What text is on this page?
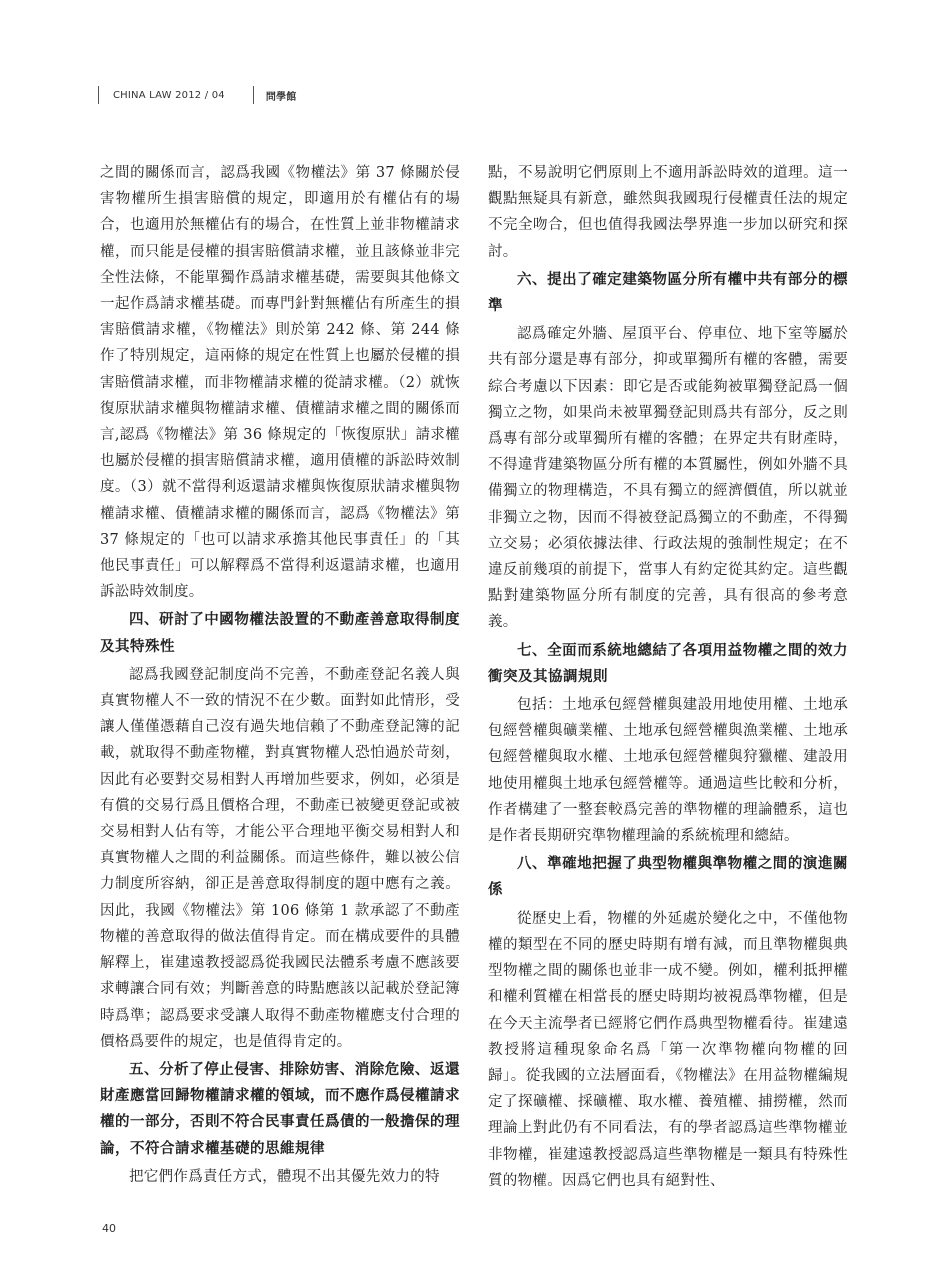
CHINA LAW 2012 / 04	問學館

之間的關係而言，認爲我國《物權法》第 37 條關於侵害物權所生損害賠償的規定，即適用於有權佔有的場合，也適用於無權佔有的場合，在性質上並非物權請求權，而只能是侵權的損害賠償請求權，並且該條並非完全性法條，不能單獨作爲請求權基礎，需要與其他條文一起作爲請求權基礎。而專門針對無權佔有所產生的損害賠償請求權，《物權法》則於第 242 條、第 244 條作了特別規定，這兩條的規定在性質上也屬於侵權的損害賠償請求權，而非物權請求權的從請求權。（2）就恢復原狀請求權與物權請求權、債權請求權之間的關係而言,認爲《物權法》第 36 條規定的「恢復原狀」請求權也屬於侵權的損害賠償請求權，適用債權的訴訟時效制度。（3）就不當得利返還請求權與恢復原狀請求權與物權請求權、債權請求權的關係而言，認爲《物權法》第 37 條規定的「也可以請求承擔其他民事責任」的「其他民事責任」可以解釋爲不當得利返還請求權，也適用訴訟時效制度。

四、研討了中國物權法設置的不動產善意取得制度及其特殊性

認爲我國登記制度尚不完善，不動產登記名義人與真實物權人不一致的情況不在少數。面對如此情形，受讓人僅僅憑藉自己沒有過失地信賴了不動產登記簿的記載，就取得不動產物權，對真實物權人恐怕過於苛刻，因此有必要對交易相對人再增加些要求，例如，必須是有償的交易行爲且價格合理，不動產已被變更登記或被交易相對人佔有等，才能公平合理地平衡交易相對人和真實物權人之間的利益關係。而這些條件，難以被公信力制度所容納，卻正是善意取得制度的題中應有之義。因此，我國《物權法》第 106 條第 1 款承認了不動產物權的善意取得的做法值得肯定。而在構成要件的具體解釋上，崔建遠教授認爲從我國民法體系考慮不應該要求轉讓合同有效；判斷善意的時點應該以記載於登記簿時爲準；認爲要求受讓人取得不動產物權應支付合理的價格爲要件的規定，也是值得肯定的。

五、分析了停止侵害、排除妨害、消除危險、返還財產應當回歸物權請求權的領域，而不應作爲侵權請求權的一部分，否則不符合民事責任爲債的一般擔保的理論，不符合請求權基礎的思維規律

把它們作爲責任方式，體現不出其優先效力的特

點，不易說明它們原則上不適用訴訟時效的道理。這一觀點無疑具有新意，雖然與我國現行侵權責任法的規定不完全吻合，但也值得我國法學界進一步加以研究和探討。

六、提出了確定建築物區分所有權中共有部分的標準

認爲確定外牆、屋頂平台、停車位、地下室等屬於共有部分還是專有部分，抑或單獨所有權的客體，需要綜合考慮以下因素：即它是否或能夠被單獨登記爲一個獨立之物，如果尚未被單獨登記則爲共有部分，反之則爲專有部分或單獨所有權的客體；在界定共有財產時，不得違背建築物區分所有權的本質屬性，例如外牆不具備獨立的物理構造，不具有獨立的經濟價值，所以就並非獨立之物，因而不得被登記爲獨立的不動產，不得獨立交易；必須依據法律、行政法規的強制性規定；在不違反前幾項的前提下，當事人有約定從其約定。這些觀點對建築物區分所有制度的完善，具有很高的參考意義。

七、全面而系統地總結了各項用益物權之間的效力衝突及其協調規則

包括：土地承包經營權與建設用地使用權、土地承包經營權與礦業權、土地承包經營權與漁業權、土地承包經營權與取水權、土地承包經營權與狩獵權、建設用地使用權與土地承包經營權等。通過這些比較和分析，作者構建了一整套較爲完善的準物權的理論體系，這也是作者長期研究準物權理論的系統梳理和總結。

八、準確地把握了典型物權與準物權之間的演進關係

從歷史上看，物權的外延處於變化之中，不僅他物權的類型在不同的歷史時期有增有減，而且準物權與典型物權之間的關係也並非一成不變。例如，權利抵押權和權利質權在相當長的歷史時期均被視爲準物權，但是在今天主流學者已經將它們作爲典型物權看待。崔建遠教授將這種現象命名爲「第一次準物權向物權的回歸」。從我國的立法層面看，《物權法》在用益物權編規定了探礦權、採礦權、取水權、養殖權、捕撈權，然而理論上對此仍有不同看法，有的學者認爲這些準物權並非物權，崔建遠教授認爲這些準物權是一類具有特殊性質的物權。因爲它們也具有絕對性、

40
